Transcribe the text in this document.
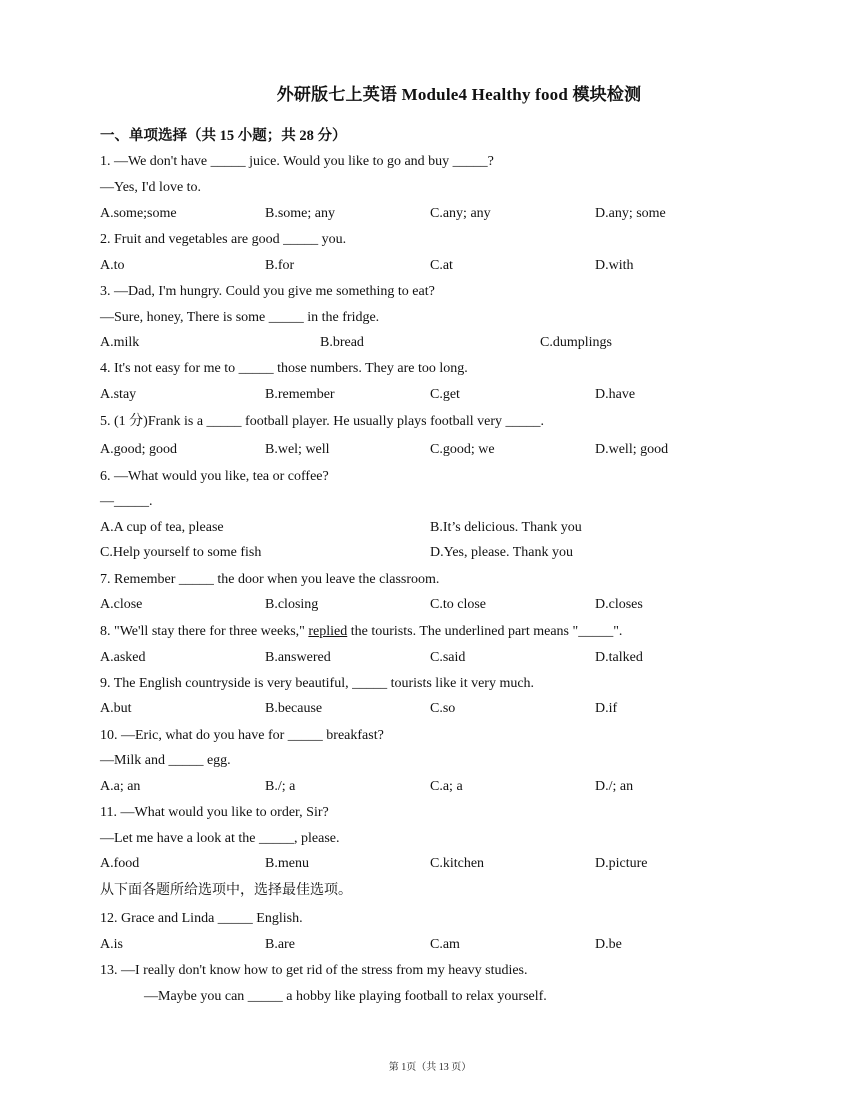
外研版七上英语 Module4 Healthy food 模块检测
一、单项选择（共 15 小题；共 28 分）
1. —We don't have _____ juice. Would you like to go and buy _____?
—Yes, I'd love to.
A.some;some	B.some; any	C.any; any	D.any; some
2. Fruit and vegetables are good _____ you.
A.to	B.for	C.at	D.with
3. —Dad, I'm hungry. Could you give me something to eat?
—Sure, honey, There is some _____ in the fridge.
A.milk	B.bread	C.dumplings
4. It's not easy for me to _____ those numbers. They are too long.
A.stay	B.remember	C.get	D.have
5. (1 分)Frank is a _____ football player. He usually plays football very _____.
A.good; good	B.wel; well	C.good; we	D.well; good
6. —What would you like, tea or coffee?
—_____.
A.A cup of tea, please	B.It’s delicious. Thank you
C.Help yourself to some fish	D.Yes, please. Thank you
7. Remember _____ the door when you leave the classroom.
A.close	B.closing	C.to close	D.closes
8. "We'll stay there for three weeks," replied the tourists. The underlined part means "_____".
A.asked	B.answered	C.said	D.talked
9. The English countryside is very beautiful, _____ tourists like it very much.
A.but	B.because	C.so	D.if
10. —Eric, what do you have for _____ breakfast?
—Milk and _____ egg.
A.a; an	B./; a	C.a; a	D./; an
11. —What would you like to order, Sir?
—Let me have a look at the _____, please.
A.food	B.menu	C.kitchen	D.picture
从下面各题所给选项中，选择最佳选项。
12. Grace and Linda _____ English.
A.is	B.are	C.am	D.be
13. —I really don't know how to get rid of the stress from my heavy studies.
—Maybe you can _____ a hobby like playing football to relax yourself.
第 1页（共 13 页）
